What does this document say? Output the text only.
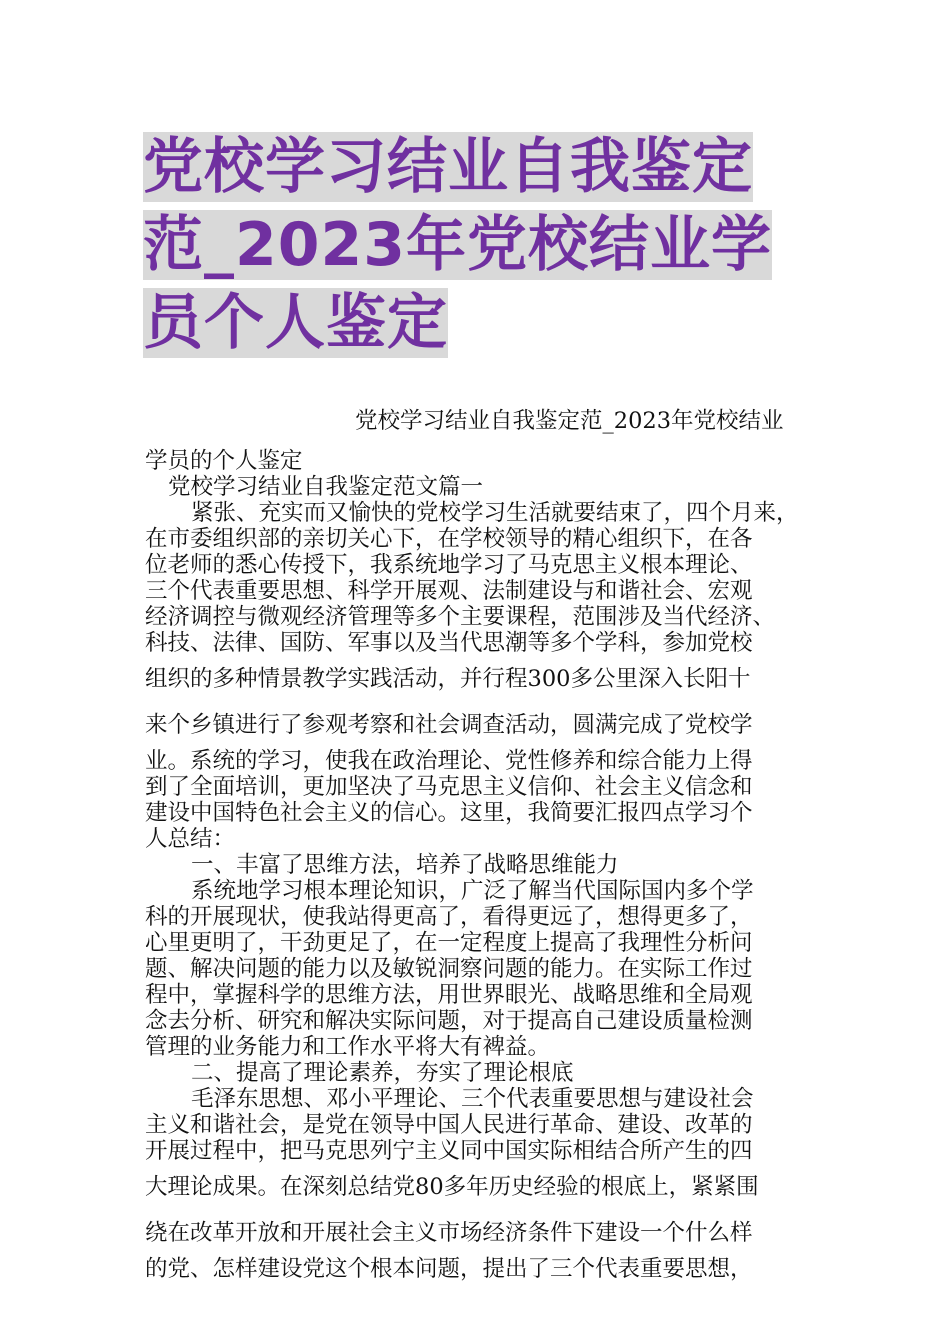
党校学习结业自我鉴定范_2023年党校结业学员个人鉴定
党校学习结业自我鉴定范_2023年党校结业
学员的个人鉴定
党校学习结业自我鉴定范文篇一
紧张、充实而又愉快的党校学习生活就要结束了，四个月来，
在市委组织部的亲切关心下，在学校领导的精心组织下，在各
位老师的悉心传授下，我系统地学习了马克思主义根本理论、
三个代表重要思想、科学开展观、法制建设与和谐社会、宏观
经济调控与微观经济管理等多个主要课程，范围涉及当代经济、
科技、法律、国防、军事以及当代思潮等多个学科，参加党校
组织的多种情景教学实践活动，并行程300多公里深入长阳十
来个乡镇进行了参观考察和社会调查活动，圆满完成了党校学
业。系统的学习，使我在政治理论、党性修养和综合能力上得
到了全面培训，更加坚决了马克思主义信仰、社会主义信念和
建设中国特色社会主义的信心。这里，我简要汇报四点学习个
人总结：
一、丰富了思维方法，培养了战略思维能力
系统地学习根本理论知识，广泛了解当代国际国内多个学
科的开展现状，使我站得更高了，看得更远了，想得更多了，
心里更明了，干劲更足了，在一定程度上提高了我理性分析问
题、解决问题的能力以及敏锐洞察问题的能力。在实际工作过
程中，掌握科学的思维方法，用世界眼光、战略思维和全局观
念去分析、研究和解决实际问题，对于提高自己建设质量检测
管理的业务能力和工作水平将大有裨益。
二、提高了理论素养，夯实了理论根底
毛泽东思想、邓小平理论、三个代表重要思想与建设社会
主义和谐社会，是党在领导中国人民进行革命、建设、改革的
开展过程中，把马克思列宁主义同中国实际相结合所产生的四
大理论成果。在深刻总结党80多年历史经验的根底上，紧紧围
绕在改革开放和开展社会主义市场经济条件下建设一个什么样
的党、怎样建设党这个根本问题，提出了三个代表重要思想，
